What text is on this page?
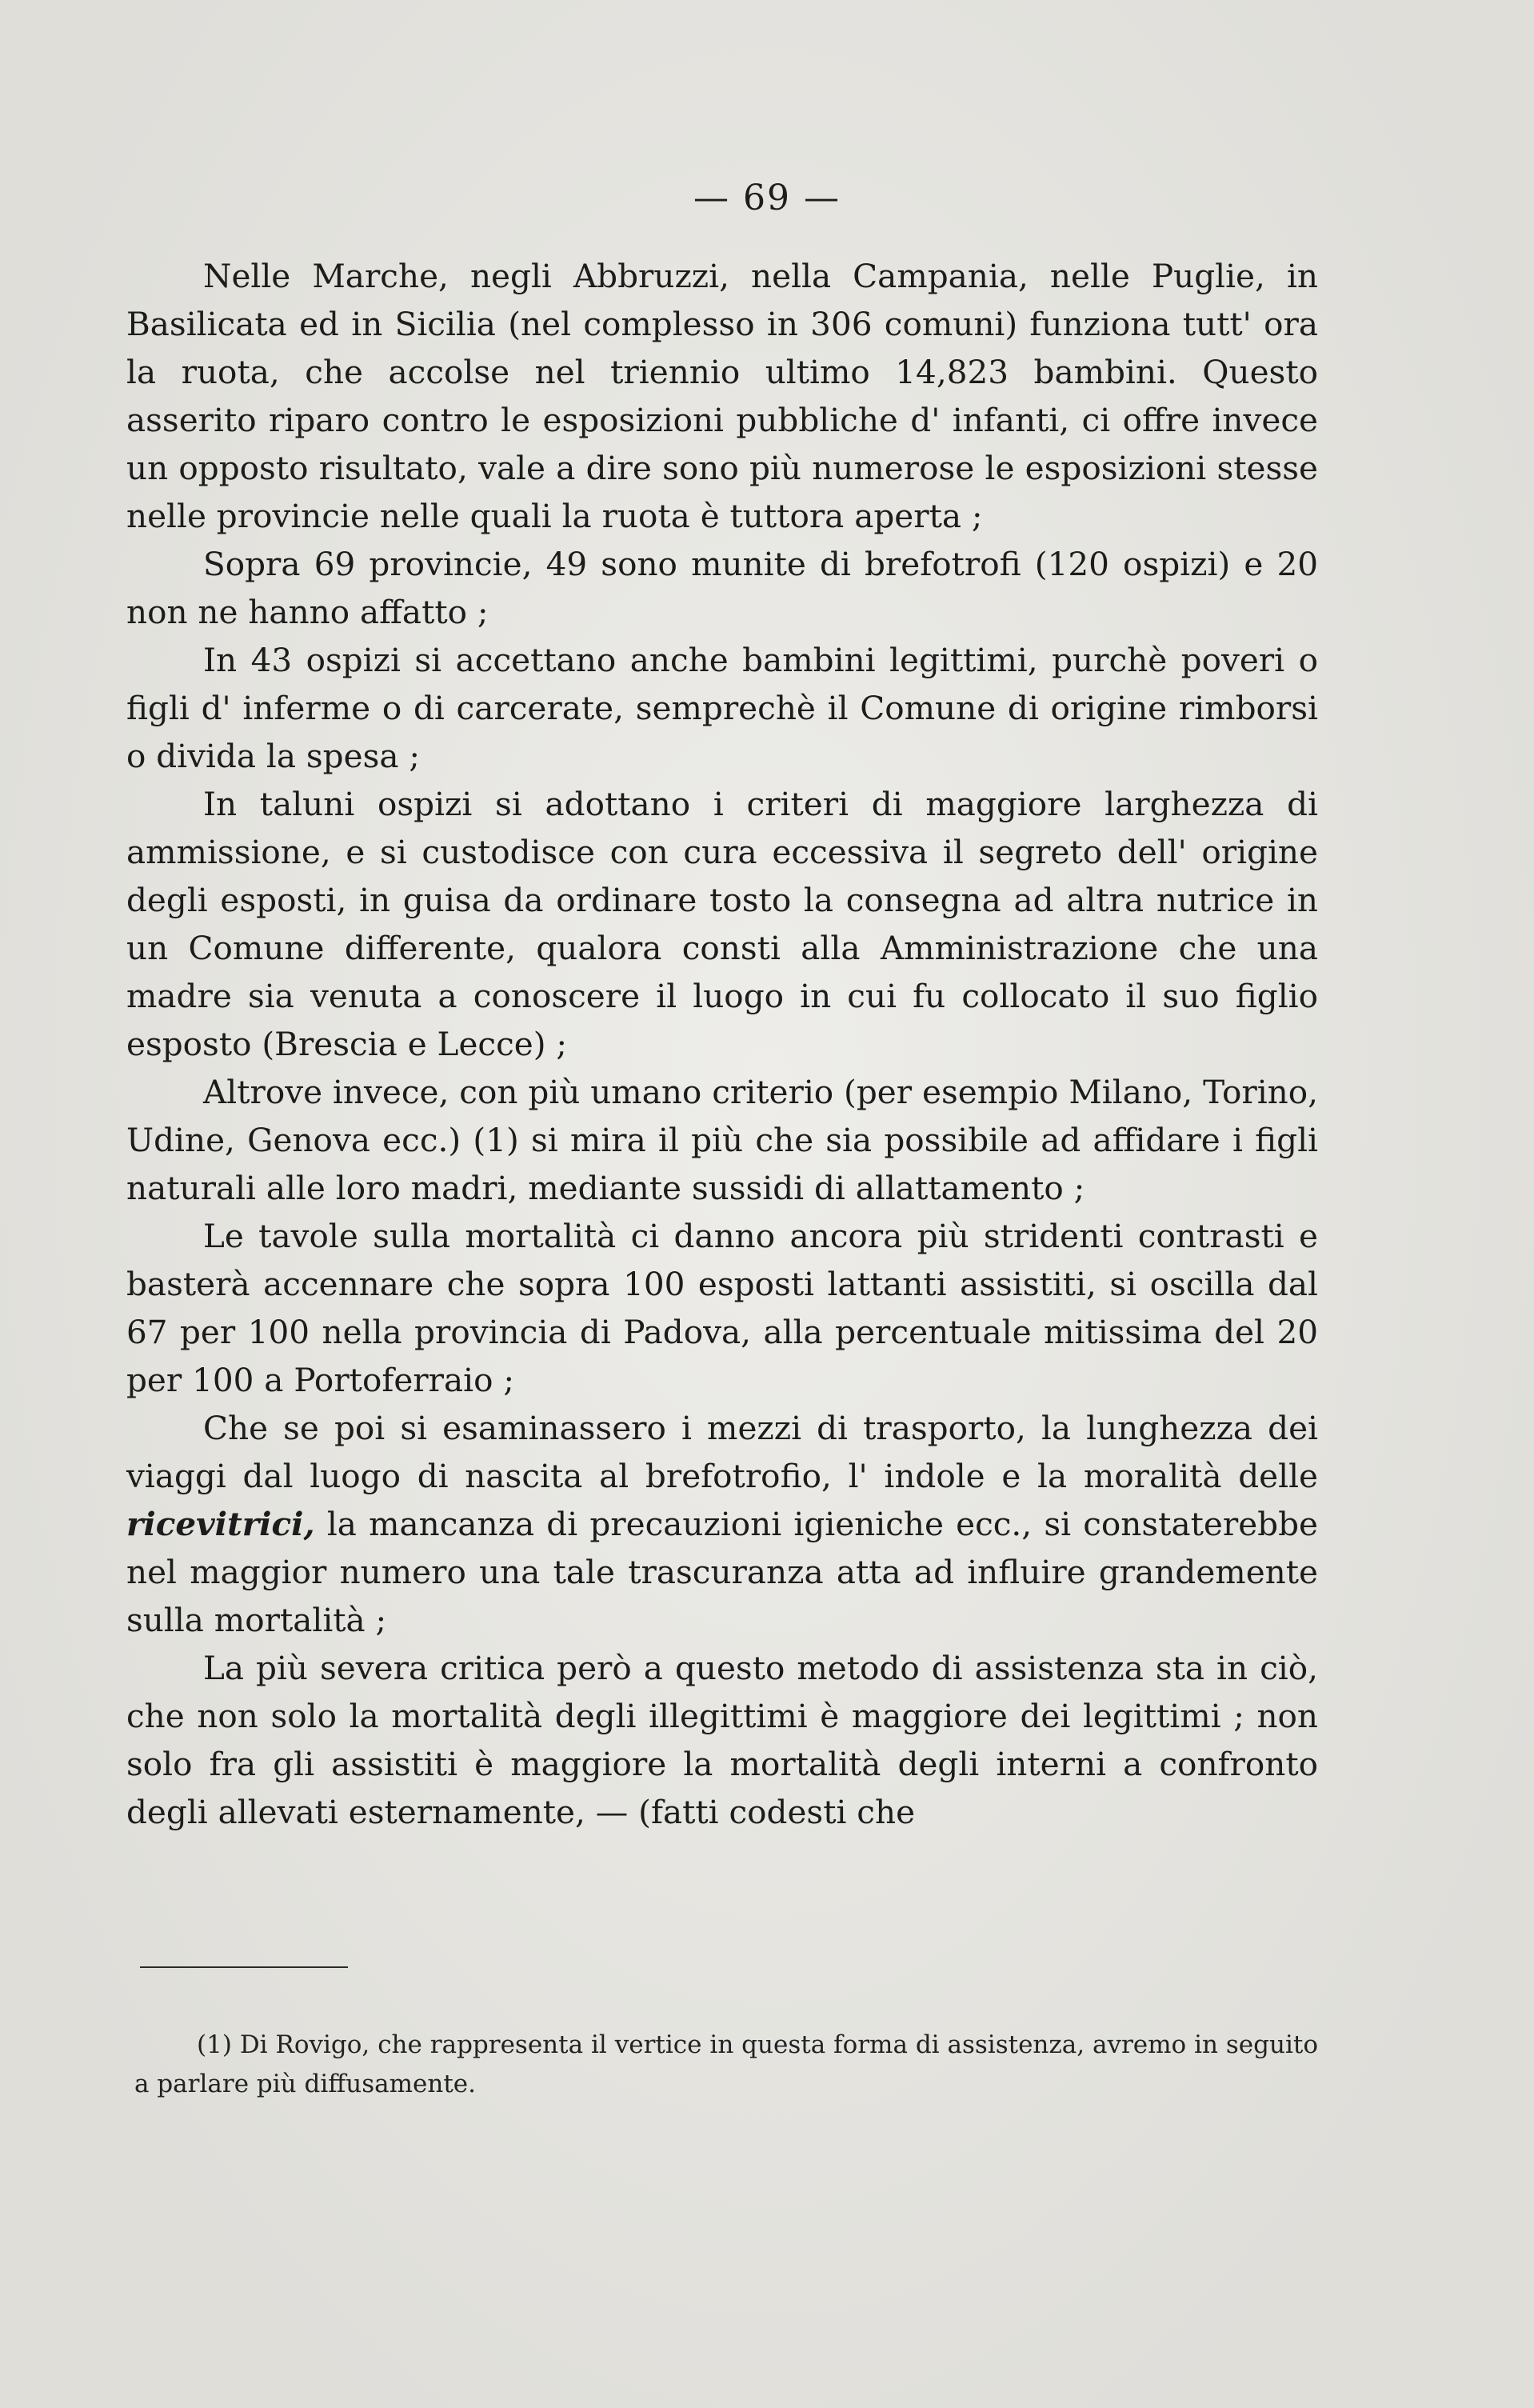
— 69 —

Nelle Marche, negli Abbruzzi, nella Campania, nelle Puglie, in Basilicata ed in Sicilia (nel complesso in 306 comuni) funziona tutt' ora la ruota, che accolse nel triennio ultimo 14,823 bambini. Questo asserito riparo contro le esposizioni pubbliche d' infanti, ci offre invece un opposto risultato, vale a dire sono più numerose le esposizioni stesse nelle provincie nelle quali la ruota è tuttora aperta ;

Sopra 69 provincie, 49 sono munite di brefotrofi (120 ospizi) e 20 non ne hanno affatto ;

In 43 ospizi si accettano anche bambini legittimi, purchè poveri o figli d' inferme o di carcerate, semprechè il Comune di origine rimborsi o divida la spesa ;

In taluni ospizi si adottano i criteri di maggiore larghezza di ammissione, e si custodisce con cura eccessiva il segreto dell' origine degli esposti, in guisa da ordinare tosto la consegna ad altra nutrice in un Comune differente, qualora consti alla Amministrazione che una madre sia venuta a conoscere il luogo in cui fu collocato il suo figlio esposto (Brescia e Lecce) ;

Altrove invece, con più umano criterio (per esempio Milano, Torino, Udine, Genova ecc.) (1) si mira il più che sia possibile ad affidare i figli naturali alle loro madri, mediante sussidi di allattamento ;

Le tavole sulla mortalità ci danno ancora più stridenti contrasti e basterà accennare che sopra 100 esposti lattanti assistiti, si oscilla dal 67 per 100 nella provincia di Padova, alla percentuale mitissima del 20 per 100 a Portoferraio ;

Che se poi si esaminassero i mezzi di trasporto, la lunghezza dei viaggi dal luogo di nascita al brefotrofio, l' indole e la moralità delle ricevitrici, la mancanza di precauzioni igieniche ecc., si constaterebbe nel maggior numero una tale trascuranza atta ad influire grandemente sulla mortalità ;

La più severa critica però a questo metodo di assistenza sta in ciò, che non solo la mortalità degli illegittimi è maggiore dei legittimi ; non solo fra gli assistiti è maggiore la mortalità degli interni a confronto degli allevati esternamente, — (fatti codesti che

(1) Di Rovigo, che rappresenta il vertice in questa forma di assistenza, avremo in seguito a parlare più diffusamente.
